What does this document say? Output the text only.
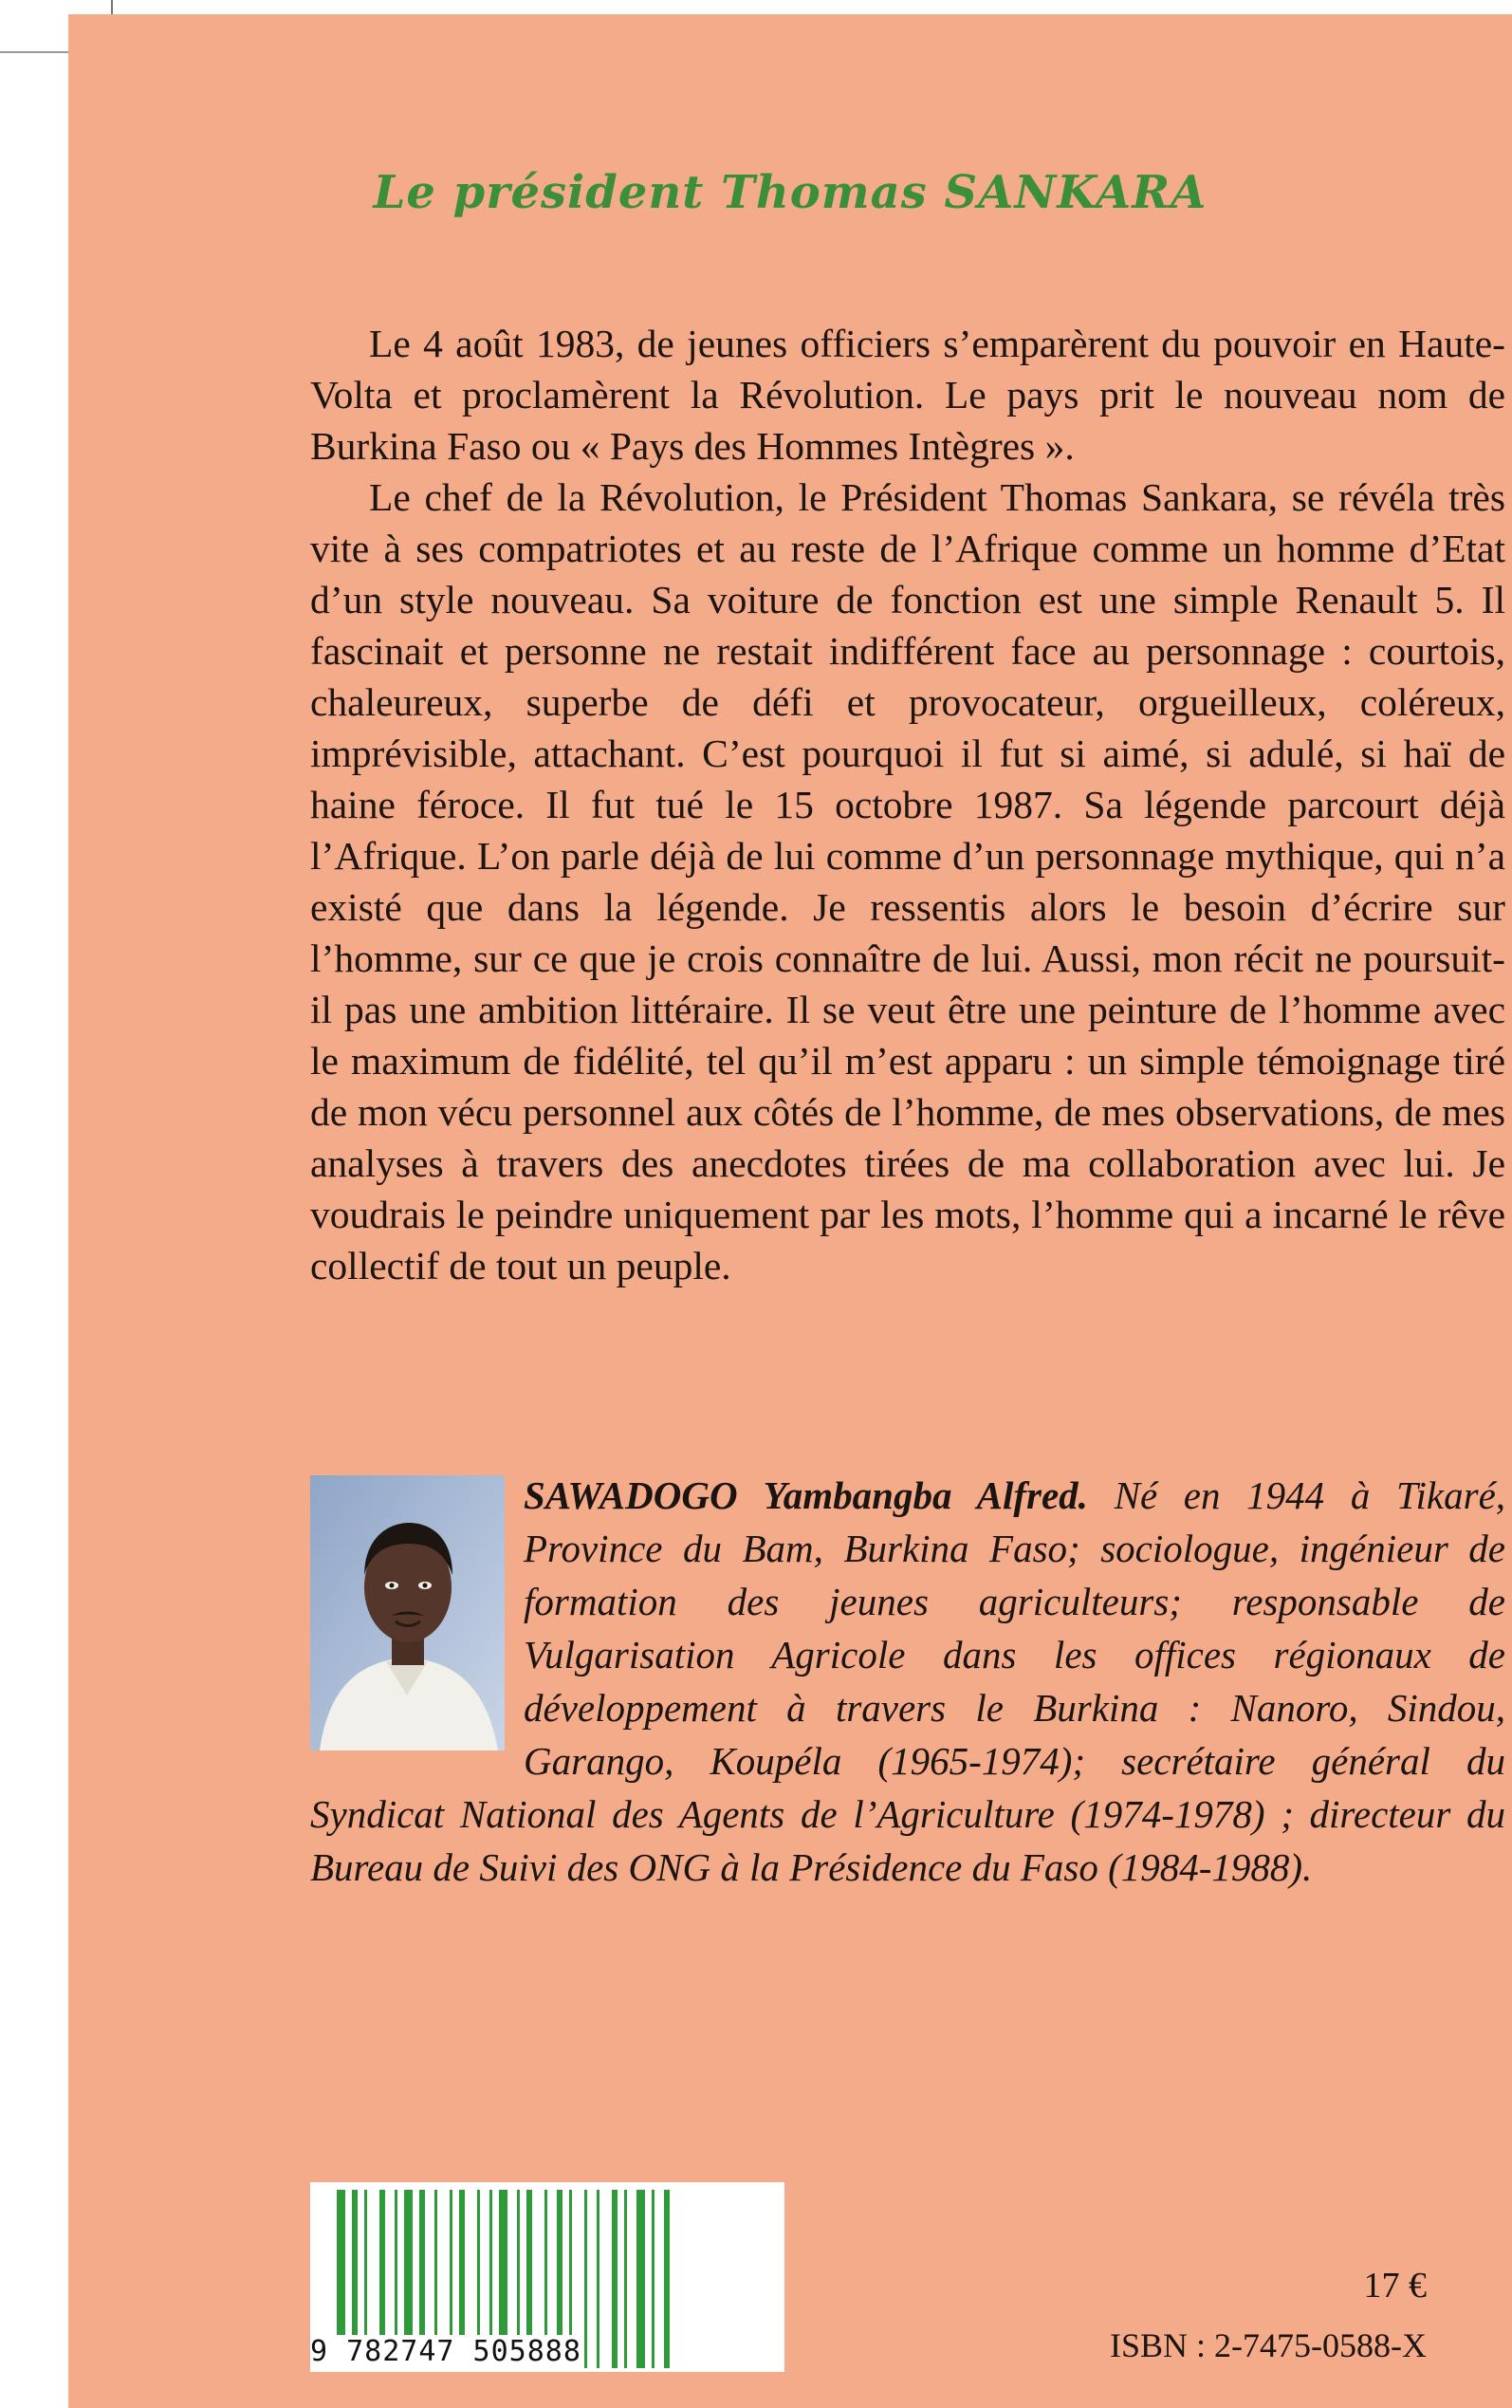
Le président Thomas SANKARA

Le 4 août 1983, de jeunes officiers s’emparèrent du pouvoir en Haute-Volta et proclamèrent la Révolution. Le pays prit le nouveau nom de Burkina Faso ou « Pays des Hommes Intègres ».

Le chef de la Révolution, le Président Thomas Sankara, se révéla très vite à ses compatriotes et au reste de l’Afrique comme un homme d’Etat d’un style nouveau. Sa voiture de fonction est une simple Renault 5. Il fascinait et personne ne restait indifférent face au personnage : courtois, chaleureux, superbe de défi et provocateur, orgueilleux, coléreux, imprévisible, attachant. C’est pourquoi il fut si aimé, si adulé, si haï de haine féroce. Il fut tué le 15 octobre 1987. Sa légende parcourt déjà l’Afrique. L’on parle déjà de lui comme d’un personnage mythique, qui n’a existé que dans la légende. Je ressentis alors le besoin d’écrire sur l’homme, sur ce que je crois connaître de lui. Aussi, mon récit ne poursuit-il pas une ambition littéraire. Il se veut être une peinture de l’homme avec le maximum de fidélité, tel qu’il m’est apparu : un simple témoignage tiré de mon vécu personnel aux côtés de l’homme, de mes observations, de mes analyses à travers des anecdotes tirées de ma collaboration avec lui. Je voudrais le peindre uniquement par les mots, l’homme qui a incarné le rêve collectif de tout un peuple.

SAWADOGO Yambangba Alfred. Né en 1944 à Tikaré, Province du Bam, Burkina Faso; sociologue, ingénieur de formation des jeunes agriculteurs; responsable de Vulgarisation Agricole dans les offices régionaux de développement à travers le Burkina : Nanoro, Sindou, Garango, Koupéla (1965-1974); secrétaire général du Syndicat National des Agents de l’Agriculture (1974-1978) ; directeur du Bureau de Suivi des ONG à la Présidence du Faso (1984-1988).
9 782747 505888

17 €

ISBN : 2-7475-0588-X
